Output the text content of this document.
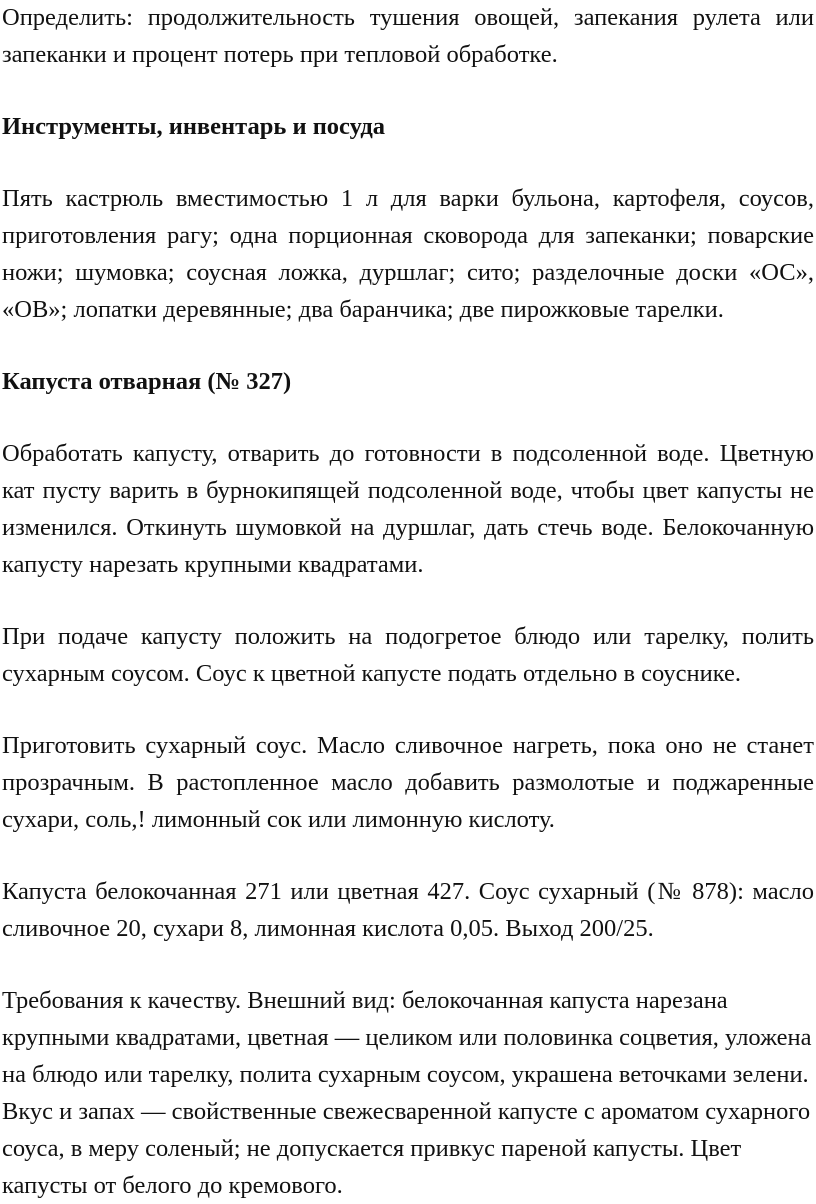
Определить: продолжительность тушения овощей, запекания рулета или запеканки и процент потерь при тепловой обработке.

Инструменты, инвентарь и посуда

Пять кастрюль вместимостью 1 л для варки бульона, картофеля, соусов, приготовления рагу; одна порционная сковорода для запеканки; поварские ножи; шумовка; соусная ложка, дуршлаг; сито; разделочные доски «ОС», «ОВ»; лопатки деревянные; два баранчика; две пирожковые тарелки.

Капуста отварная (№ 327)

Обработать капусту, отварить до готовности в подсоленной воде. Цветную кат пусту варить в бурнокипящей подсоленной воде, чтобы цвет капусты не изменился. Откинуть шумовкой на дуршлаг, дать стечь воде. Белокочанную капусту нарезать крупными квадратами.

При подаче капусту положить на подогретое блюдо или тарелку, полить сухарным соусом. Соус к цветной капусте подать отдельно в соуснике.

Приготовить сухарный соус. Масло сливочное нагреть, пока оно не станет прозрачным. В растопленное масло добавить размолотые и поджаренные сухари, соль,! лимонный сок или лимонную кислоту.

Капуста белокочанная 271 или цветная 427. Соус сухарный (№ 878): масло сливочное 20, сухари 8, лимонная кислота 0,05. Выход 200/25.

Требования к качеству. Внешний вид: белокочанная капуста нарезана крупными квадратами, цветная — целиком или половинка соцветия, уложена на блюдо или тарелку, полита сухарным соусом, украшена веточками зелени. Вкус и запах — свойственные свежесваренной капусте с ароматом сухарного соуса, в меру соленый; не допускается привкус пареной капусты. Цвет капусты от белого до кремового.
